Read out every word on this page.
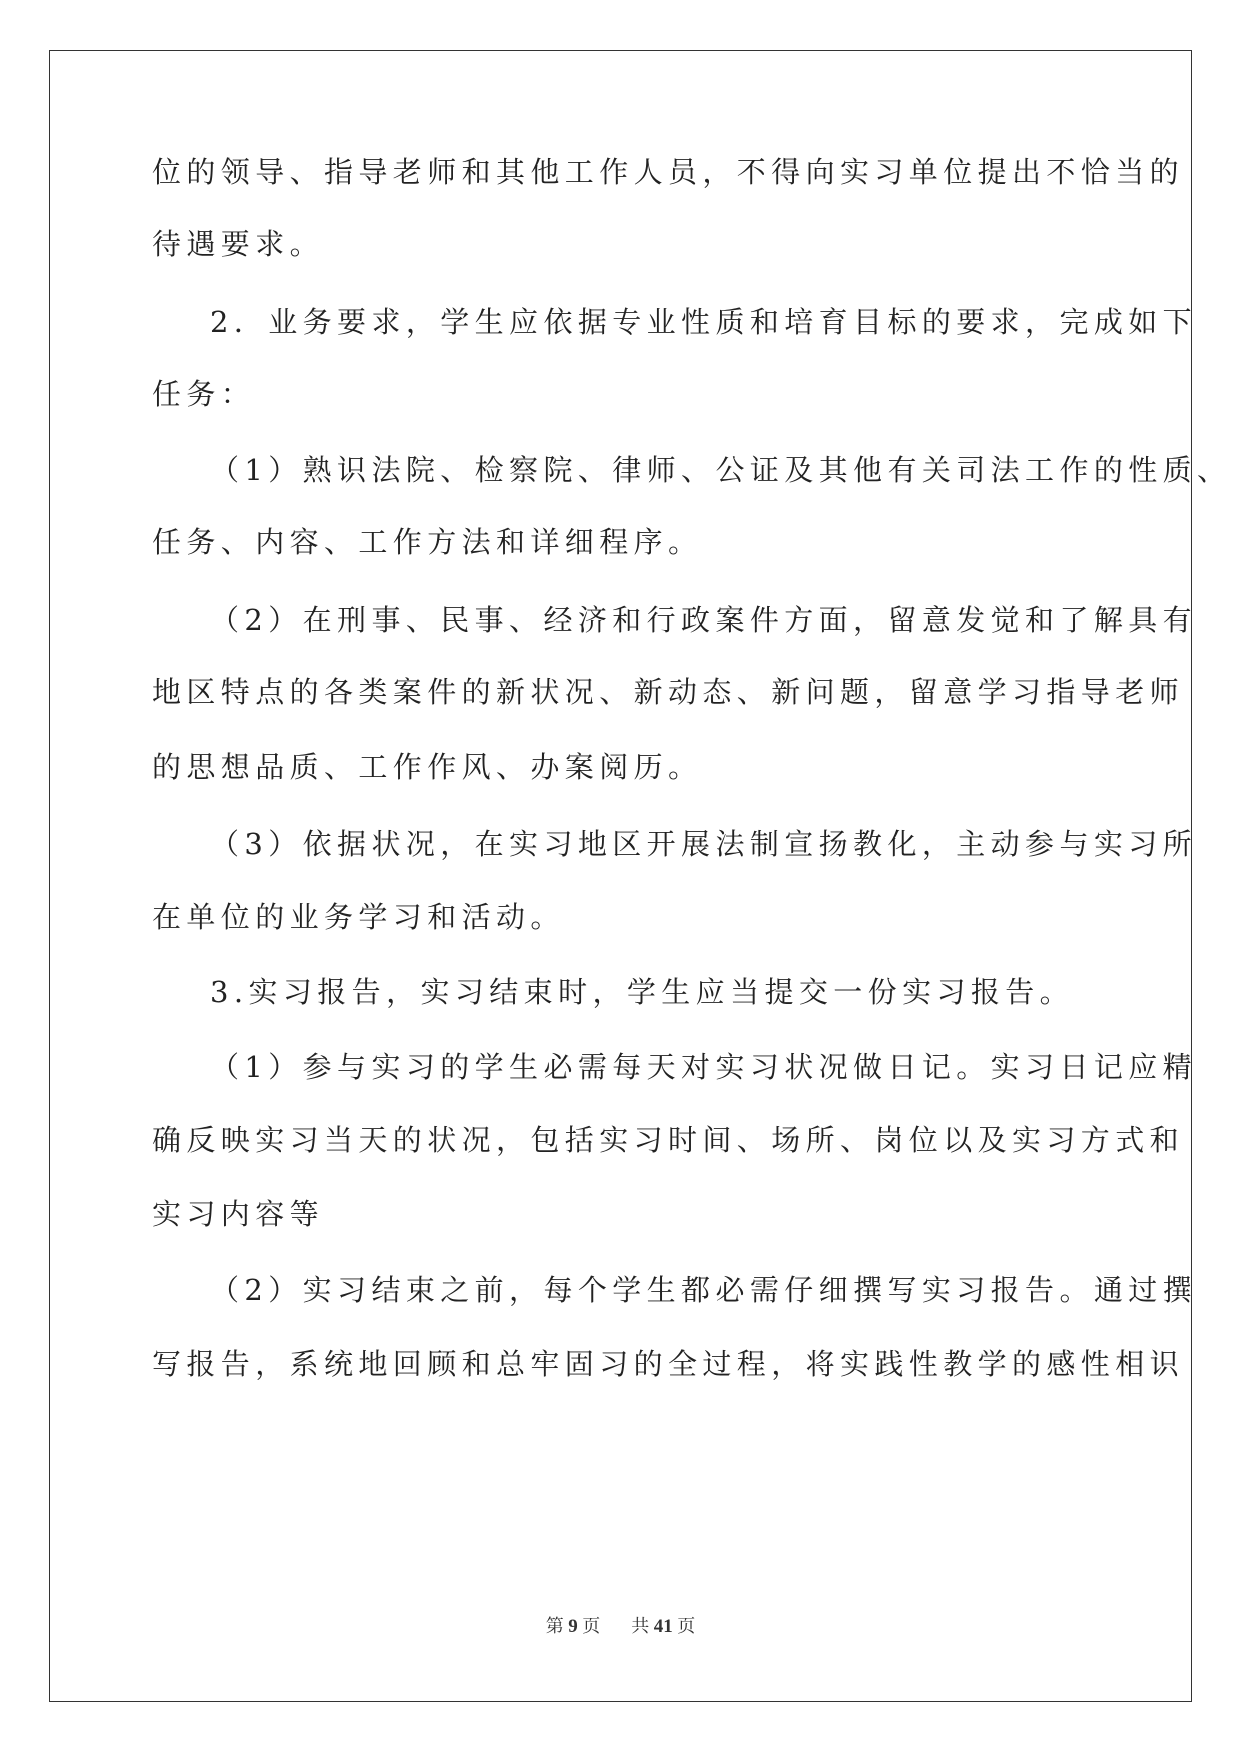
位的领导、指导老师和其他工作人员，不得向实习单位提出不恰当的
待遇要求。
2．业务要求，学生应依据专业性质和培育目标的要求，完成如下
任务：
（1）熟识法院、检察院、律师、公证及其他有关司法工作的性质、
任务、内容、工作方法和详细程序。
（2）在刑事、民事、经济和行政案件方面，留意发觉和了解具有
地区特点的各类案件的新状况、新动态、新问题，留意学习指导老师
的思想品质、工作作风、办案阅历。
（3）依据状况，在实习地区开展法制宣扬教化，主动参与实习所
在单位的业务学习和活动。
3.实习报告，实习结束时，学生应当提交一份实习报告。
（1）参与实习的学生必需每天对实习状况做日记。实习日记应精
确反映实习当天的状况，包括实习时间、场所、岗位以及实习方式和
实习内容等
（2）实习结束之前，每个学生都必需仔细撰写实习报告。通过撰
写报告，系统地回顾和总牢固习的全过程，将实践性教学的感性相识
第 9 页 共 41 页
